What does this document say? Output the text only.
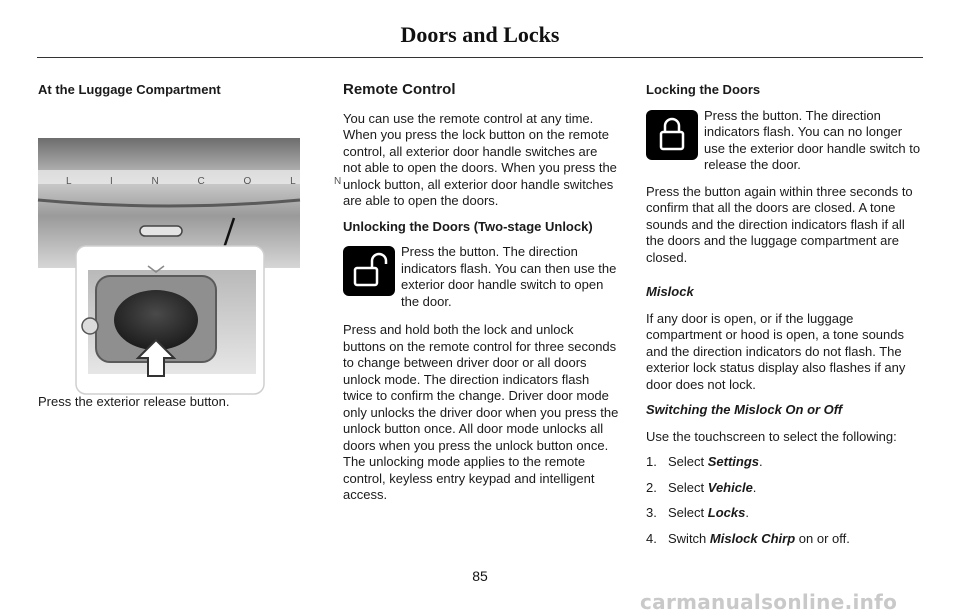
Doors and Locks
At the Luggage Compartment
L I N C O L N

Press the exterior release button.

Remote Control

You can use the remote control at any time. When you press the lock button on the remote control, all exterior door handle switches are not able to open the doors. When you press the unlock button, all exterior door handle switches are able to open the doors.

Unlocking the Doors (Two-stage Unlock)

Press the button. The direction indicators flash. You can then use the exterior door handle switch to open the door.

Press and hold both the lock and unlock buttons on the remote control for three seconds to change between driver door or all doors unlock mode. The direction indicators flash twice to confirm the change. Driver door mode only unlocks the driver door when you press the unlock button once. All door mode unlocks all doors when you press the unlock button once. The unlocking mode applies to the remote control, keyless entry keypad and intelligent access.

Locking the Doors

Press the button. The direction indicators flash. You can no longer use the exterior door handle switch to release the door.

Press the button again within three seconds to confirm that all the doors are closed. A tone sounds and the direction indicators flash if all the doors and the luggage compartment are closed.

Mislock

If any door is open, or if the luggage compartment or hood is open, a tone sounds and the direction indicators do not flash. The exterior lock status display also flashes if any door does not lock.

Switching the Mislock On or Off

Use the touchscreen to select the following:

1. Select Settings.
2. Select Vehicle.
3. Select Locks.
4. Switch Mislock Chirp on or off.
85
carmanualsonline.info
